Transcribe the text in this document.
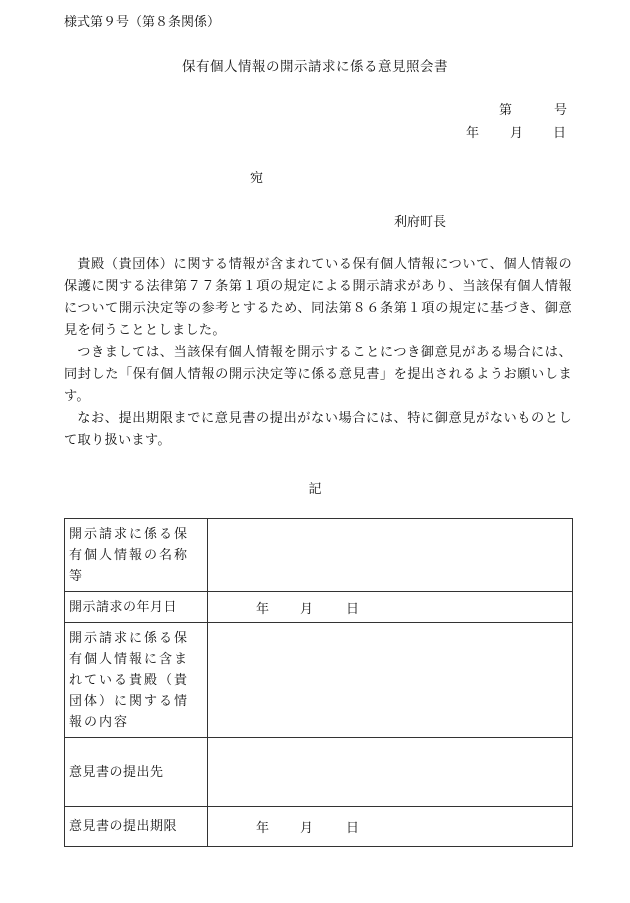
様式第９号（第８条関係）
保有個人情報の開示請求に係る意見照会書
第	号
年 月 日
宛
利府町長

貴殿（貴団体）に関する情報が含まれている保有個人情報について、個人情報の保護に関する法律第７７条第１項の規定による開示請求があり、当該保有個人情報について開示決定等の参考とするため、同法第８６条第１項の規定に基づき、御意見を伺うこととしました。

つきましては、当該保有個人情報を開示することにつき御意見がある場合には、同封した「保有個人情報の開示決定等に係る意見書」を提出されるようお願いします。

なお、提出期限までに意見書の提出がない場合には、特に御意見がないものとして取り扱います。

記
開示請求に係る保有個人情報の名称等	
開示請求の年月日	年 月 日
開示請求に係る保有個人情報に含まれている貴殿（貴団体）に関する情報の内容	
意見書の提出先	
意見書の提出期限	年 月 日
